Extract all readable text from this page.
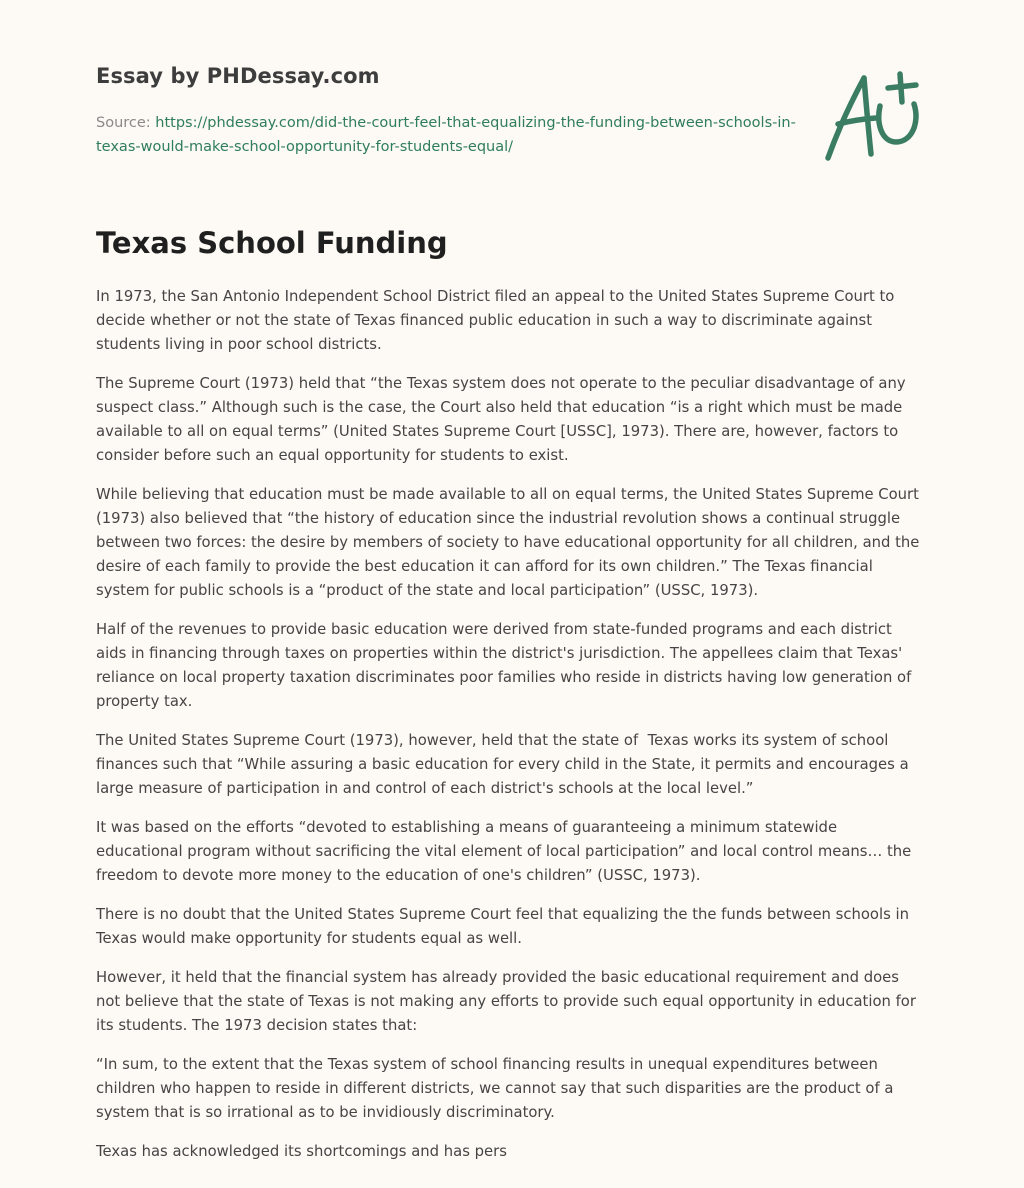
Essay by PHDessay.com
Source: https://phdessay.com/did-the-court-feel-that-equalizing-the-funding-between-schools-in-texas-would-make-school-opportunity-for-students-equal/
Texas School Funding

In 1973, the San Antonio Independent School District filed an appeal to the United States Supreme Court to decide whether or not the state of Texas financed public education in such a way to discriminate against students living in poor school districts.

The Supreme Court (1973) held that “the Texas system does not operate to the peculiar disadvantage of any suspect class.” Although such is the case, the Court also held that education “is a right which must be made available to all on equal terms” (United States Supreme Court [USSC], 1973). There are, however, factors to consider before such an equal opportunity for students to exist.

While believing that education must be made available to all on equal terms, the United States Supreme Court (1973) also believed that “the history of education since the industrial revolution shows a continual struggle between two forces: the desire by members of society to have educational opportunity for all children, and the desire of each family to provide the best education it can afford for its own children.” The Texas financial system for public schools is a “product of the state and local participation” (USSC, 1973).

Half of the revenues to provide basic education were derived from state-funded programs and each district aids in financing through taxes on properties within the district's jurisdiction. The appellees claim that Texas' reliance on local property taxation discriminates poor families who reside in districts having low generation of property tax.

The United States Supreme Court (1973), however, held that the state of  Texas works its system of school finances such that “While assuring a basic education for every child in the State, it permits and encourages a large measure of participation in and control of each district's schools at the local level.”

It was based on the efforts “devoted to establishing a means of guaranteeing a minimum statewide educational program without sacrificing the vital element of local participation” and local control means… the freedom to devote more money to the education of one's children” (USSC, 1973).

There is no doubt that the United States Supreme Court feel that equalizing the the funds between schools in Texas would make opportunity for students equal as well.

However, it held that the financial system has already provided the basic educational requirement and does not believe that the state of Texas is not making any efforts to provide such equal opportunity in education for its students. The 1973 decision states that:

“In sum, to the extent that the Texas system of school financing results in unequal expenditures between children who happen to reside in different districts, we cannot say that such disparities are the product of a system that is so irrational as to be invidiously discriminatory.

Texas has acknowledged its shortcomings and has pers
